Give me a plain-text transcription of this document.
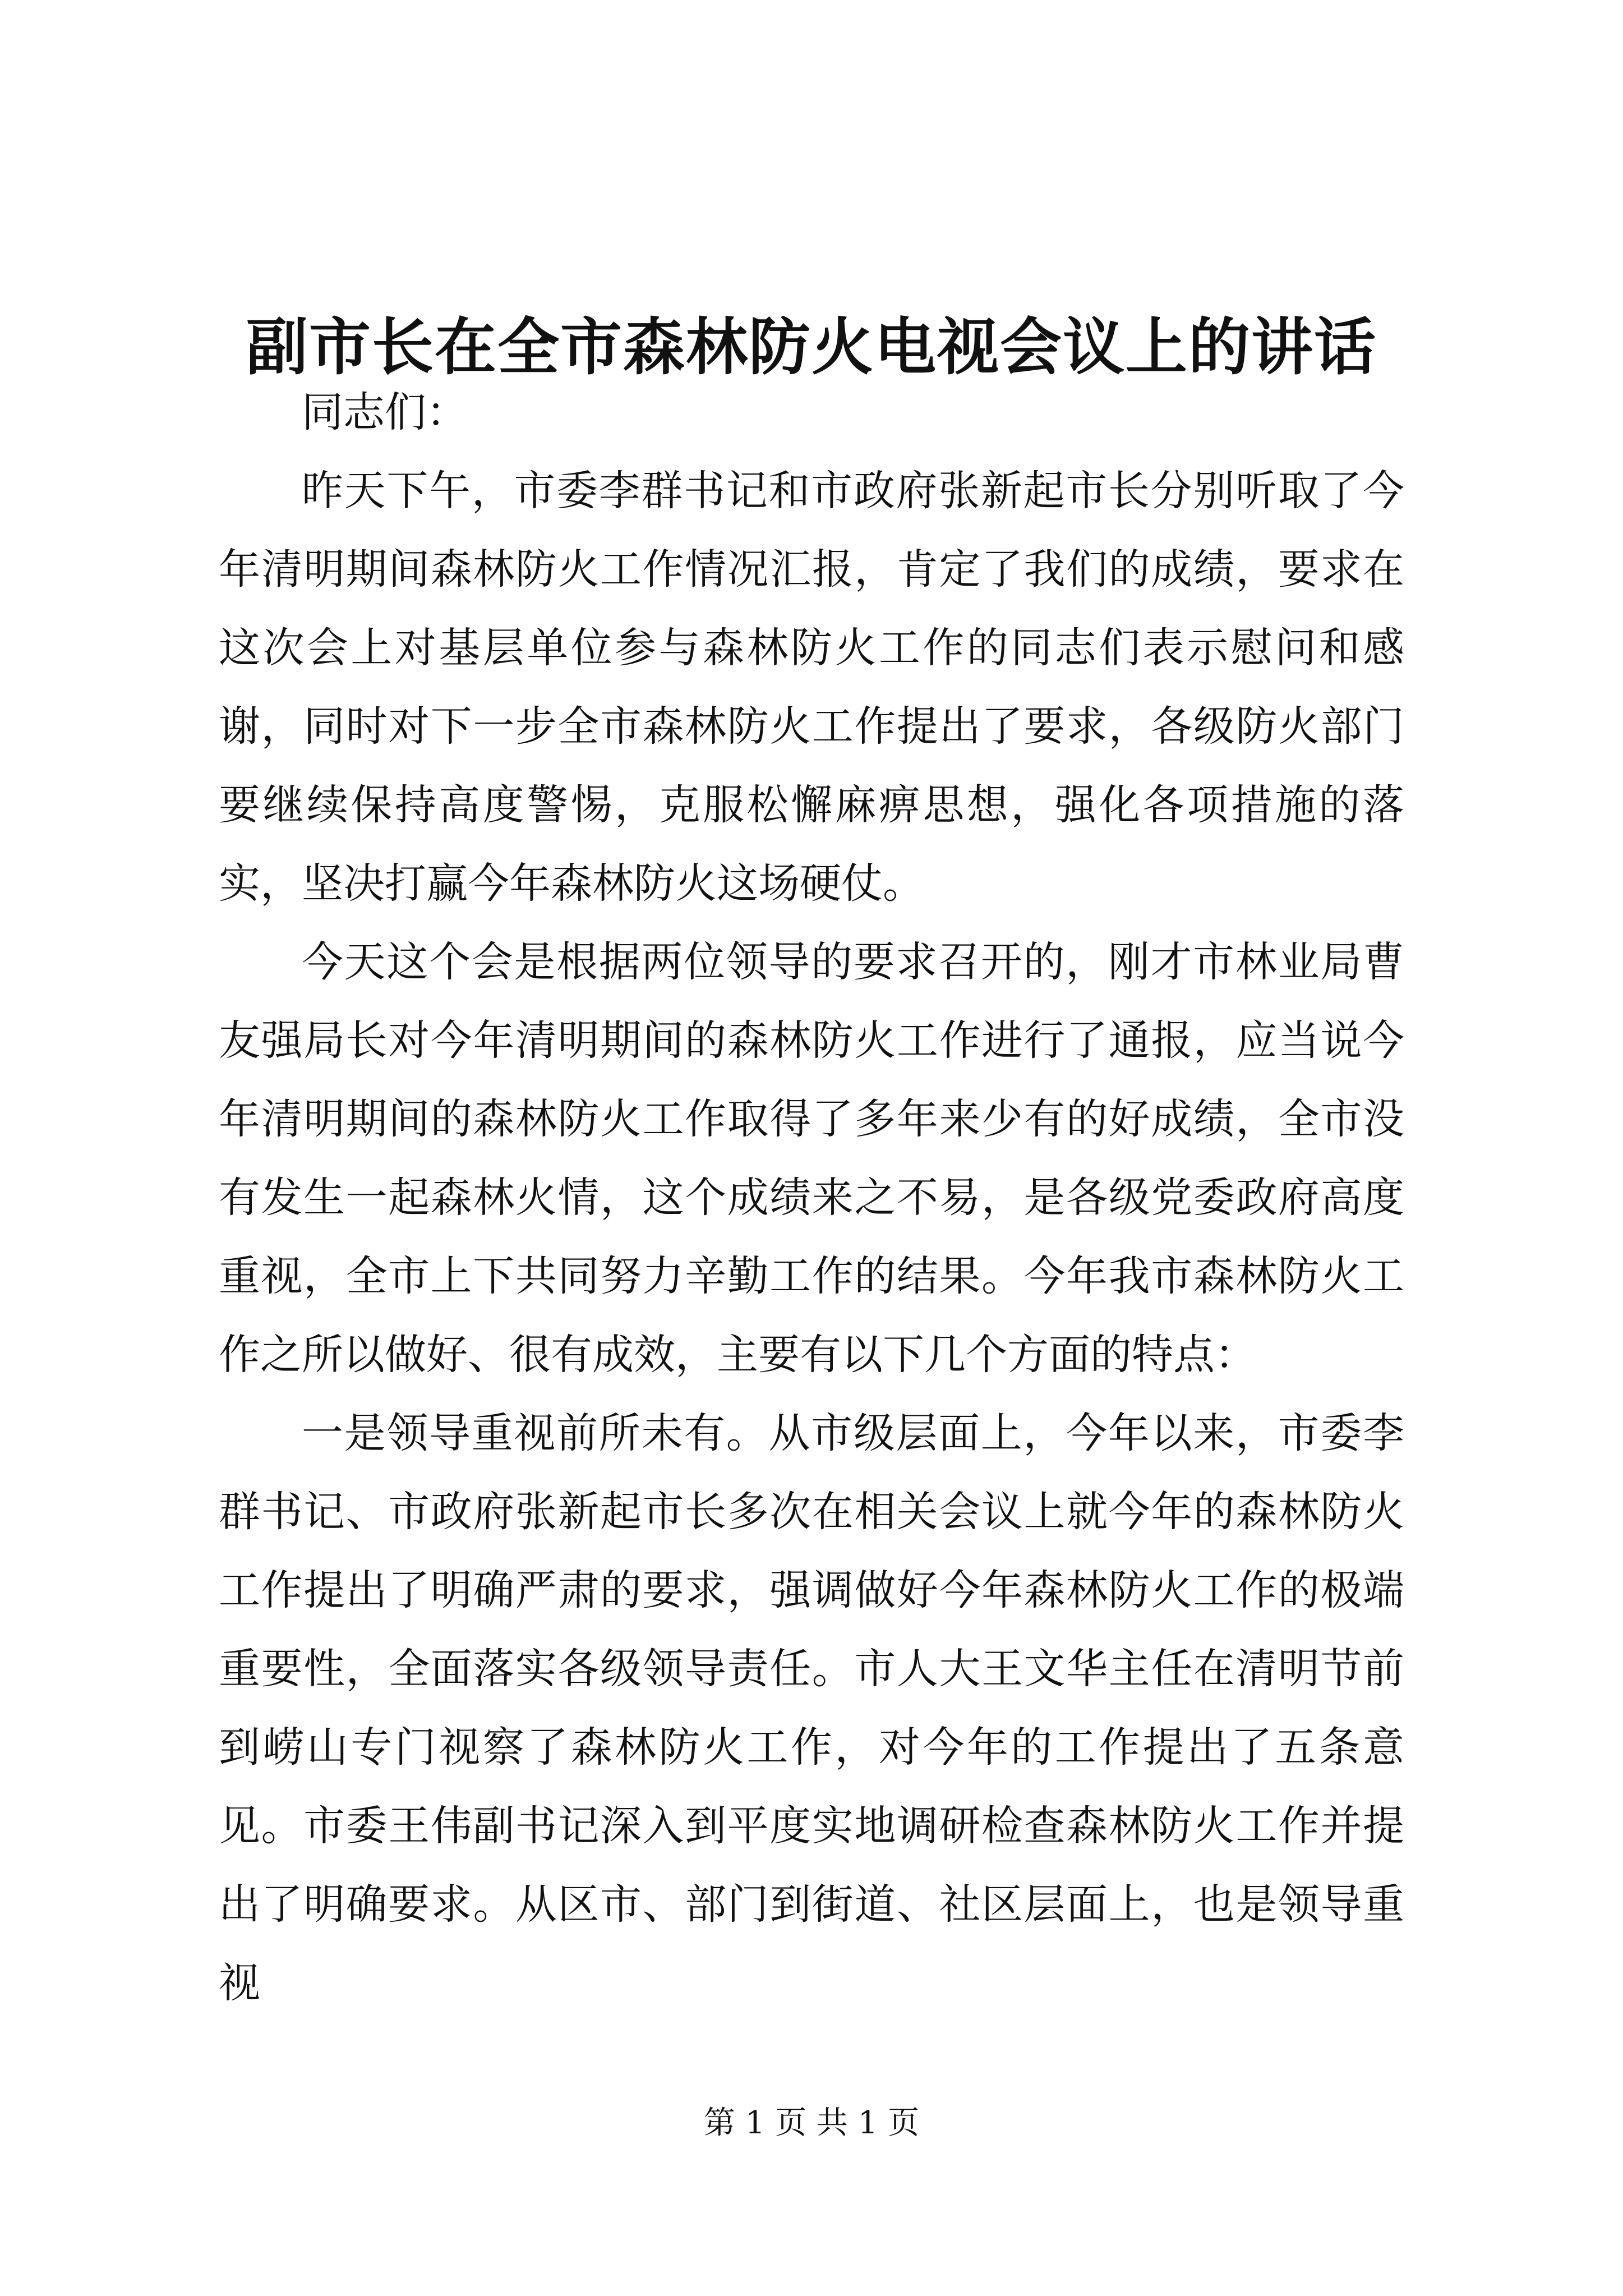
副市长在全市森林防火电视会议上的讲话

同志们：

昨天下午，市委李群书记和市政府张新起市长分别听取了今年清明期间森林防火工作情况汇报，肯定了我们的成绩，要求在这次会上对基层单位参与森林防火工作的同志们表示慰问和感谢，同时对下一步全市森林防火工作提出了要求，各级防火部门要继续保持高度警惕，克服松懈麻痹思想，强化各项措施的落实，坚决打赢今年森林防火这场硬仗。

今天这个会是根据两位领导的要求召开的，刚才市林业局曹友强局长对今年清明期间的森林防火工作进行了通报，应当说今年清明期间的森林防火工作取得了多年来少有的好成绩，全市没有发生一起森林火情，这个成绩来之不易，是各级党委政府高度重视，全市上下共同努力辛勤工作的结果。今年我市森林防火工作之所以做好、很有成效，主要有以下几个方面的特点：

一是领导重视前所未有。从市级层面上，今年以来，市委李群书记、市政府张新起市长多次在相关会议上就今年的森林防火工作提出了明确严肃的要求，强调做好今年森林防火工作的极端重要性，全面落实各级领导责任。市人大王文华主任在清明节前到崂山专门视察了森林防火工作，对今年的工作提出了五条意见。市委王伟副书记深入到平度实地调研检查森林防火工作并提出了明确要求。从区市、部门到街道、社区层面上，也是领导重视

第 1 页 共 1 页
